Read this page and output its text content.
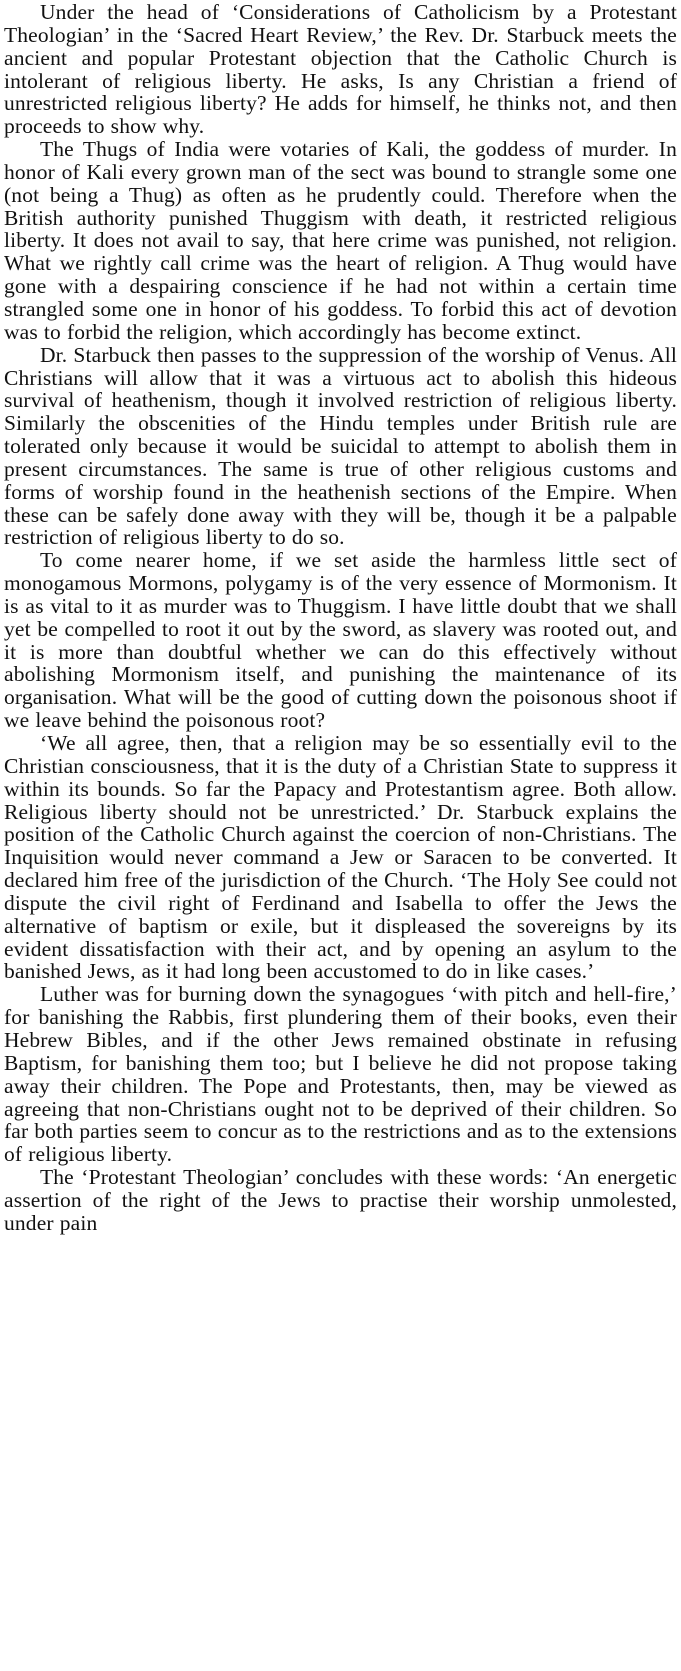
Under the head of ‘Considerations of Catholicism by a Protestant Theologian’ in the ‘Sacred Heart Review,’ the Rev. Dr. Starbuck meets the ancient and popular Protestant objection that the Catholic Church is intolerant of religious liberty. He asks, Is any Christian a friend of unrestricted religious liberty? He adds for himself, he thinks not, and then proceeds to show why.

The Thugs of India were votaries of Kali, the goddess of murder. In honor of Kali every grown man of the sect was bound to strangle some one (not being a Thug) as often as he prudently could. Therefore when the British authority punished Thuggism with death, it restricted religious liberty. It does not avail to say, that here crime was punished, not religion. What we rightly call crime was the heart of religion. A Thug would have gone with a despairing conscience if he had not within a certain time strangled some one in honor of his goddess. To forbid this act of devotion was to forbid the religion, which accordingly has become extinct.

Dr. Starbuck then passes to the suppression of the worship of Venus. All Christians will allow that it was a virtuous act to abolish this hideous survival of heathenism, though it involved restriction of religious liberty. Similarly the obscenities of the Hindu temples under British rule are tolerated only because it would be suicidal to attempt to abolish them in present circumstances. The same is true of other religious customs and forms of worship found in the heathenish sections of the Empire. When these can be safely done away with they will be, though it be a palpable restriction of religious liberty to do so.

To come nearer home, if we set aside the harmless little sect of monogamous Mormons, polygamy is of the very essence of Mormonism. It is as vital to it as murder was to Thuggism. I have little doubt that we shall yet be compelled to root it out by the sword, as slavery was rooted out, and it is more than doubtful whether we can do this effectively without abolishing Mormonism itself, and punishing the maintenance of its organisation. What will be the good of cutting down the poisonous shoot if we leave behind the poisonous root?

‘We all agree, then, that a religion may be so essentially evil to the Christian consciousness, that it is the duty of a Christian State to suppress it within its bounds. So far the Papacy and Protestantism agree. Both allow. Religious liberty should not be unrestricted.’ Dr. Starbuck explains the position of the Catholic Church against the coercion of non-Christians. The Inquisition would never command a Jew or Saracen to be converted. It declared him free of the jurisdiction of the Church. ‘The Holy See could not dispute the civil right of Ferdinand and Isabella to offer the Jews the alternative of baptism or exile, but it displeased the sovereigns by its evident dissatisfaction with their act, and by opening an asylum to the banished Jews, as it had long been accustomed to do in like cases.’

Luther was for burning down the synagogues ‘with pitch and hell-fire,’ for banishing the Rabbis, first plundering them of their books, even their Hebrew Bibles, and if the other Jews remained obstinate in refusing Baptism, for banishing them too; but I believe he did not propose taking away their children. The Pope and Protestants, then, may be viewed as agreeing that non-Christians ought not to be deprived of their children. So far both parties seem to concur as to the restrictions and as to the extensions of religious liberty.

The ‘Protestant Theologian’ concludes with these words: ‘An energetic assertion of the right of the Jews to practise their worship unmolested, under pain
